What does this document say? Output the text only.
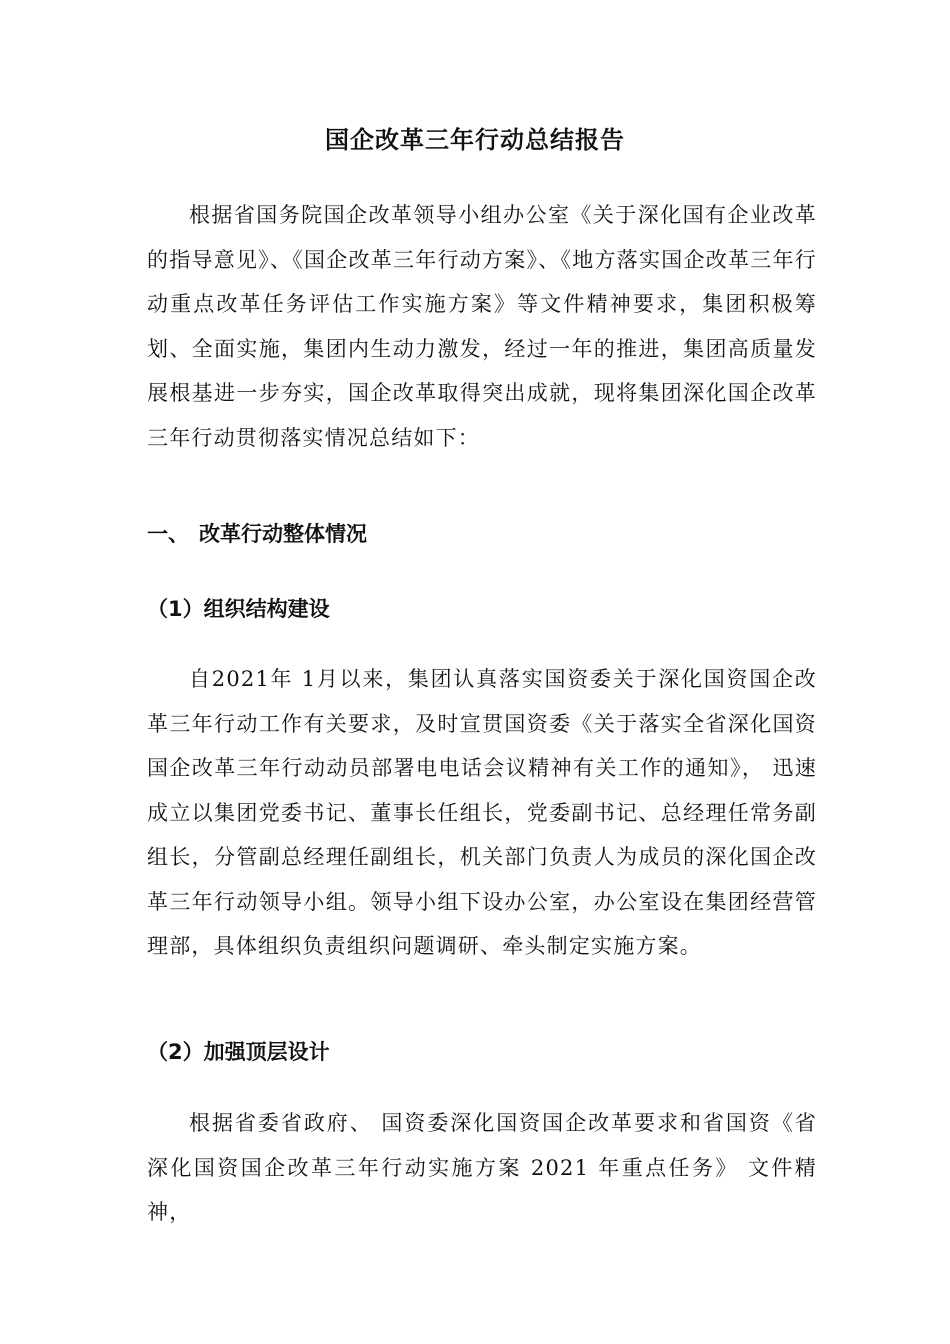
国企改革三年行动总结报告

根据省国务院国企改革领导小组办公室《关于深化国有企业改革的指导意见》、《国企改革三年行动方案》、《地方落实国企改革三年行动重点改革任务评估工作实施方案》等文件精神要求，集团积极筹划、全面实施，集团内生动力激发，经过一年的推进，集团高质量发展根基进一步夯实，国企改革取得突出成就，现将集团深化国企改革三年行动贯彻落实情况总结如下：

一、 改革行动整体情况
（1）组织结构建设

自2021年 1月以来，集团认真落实国资委关于深化国资国企改革三年行动工作有关要求，及时宣贯国资委《关于落实全省深化国资国企改革三年行动动员部署电电话会议精神有关工作的通知》， 迅速成立以集团党委书记、董事长任组长，党委副书记、总经理任常务副组长，分管副总经理任副组长，机关部门负责人为成员的深化国企改革三年行动领导小组。领导小组下设办公室，办公室设在集团经营管理部，具体组织负责组织问题调研、牵头制定实施方案。

（2）加强顶层设计

根据省委省政府、 国资委深化国资国企改革要求和省国资《省深化国资国企改革三年行动实施方案 2021 年重点任务》 文件精神，
